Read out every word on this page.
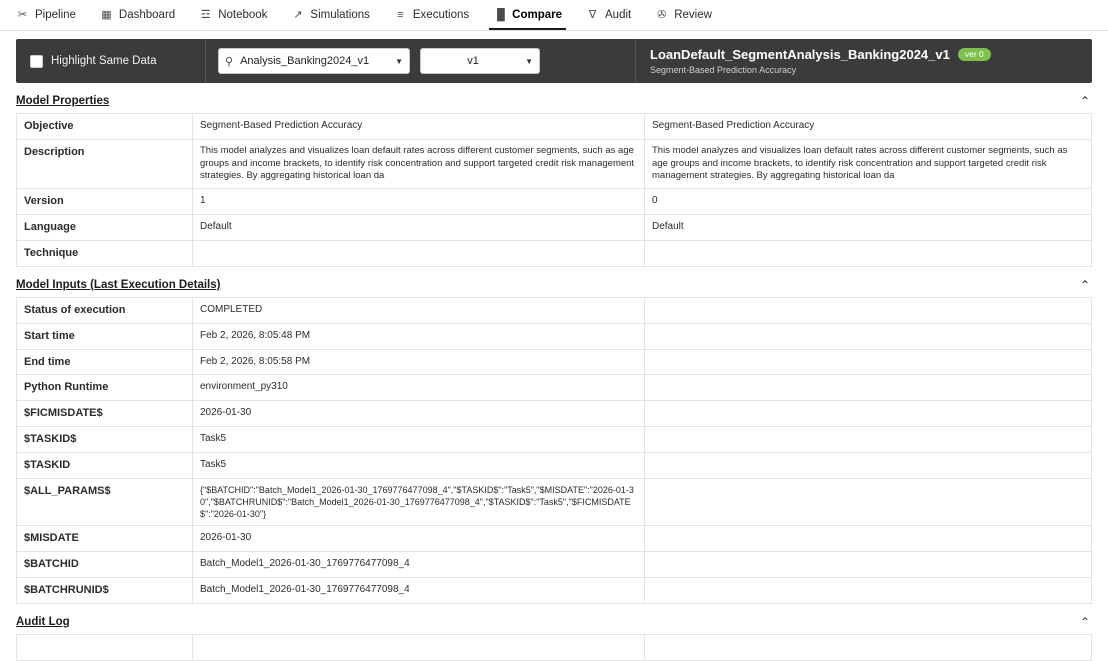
✂ Pipeline ▦ Dashboard ☲ Notebook ↗ Simulations ≡ Executions ▐▌ Compare ∇ Audit ✇ Review
Highlight Same Data	⚲ Analysis_Banking2024_v1	▼	v1	▼	LoanDefault_SegmentAnalysis_Banking2024_v1	ver 0
Segment-Based Prediction Accuracy
Model Properties	⌃
Objective	Segment-Based Prediction Accuracy	Segment-Based Prediction Accuracy
Description	This model analyzes and visualizes loan default rates across different customer segments, such as age groups and income brackets, to identify risk concentration and support targeted credit risk management strategies. By aggregating historical loan da	This model analyzes and visualizes loan default rates across different customer segments, such as age groups and income brackets, to identify risk concentration and support targeted credit risk management strategies. By aggregating historical loan da
Version	1	0
Language	Default	Default
Technique		
Model Inputs (Last Execution Details)	⌃
Status of execution	COMPLETED	
Start time	Feb 2, 2026, 8:05:48 PM	
End time	Feb 2, 2026, 8:05:58 PM	
Python Runtime	environment_py310	
$FICMISDATE$	2026-01-30	
$TASKID$	Task5	
$TASKID	Task5	
$ALL_PARAMS$	{"$BATCHID":"Batch_Model1_2026-01-30_1769776477098_4","$TASKID$":"Task5","$MISDATE":"2026-01-30","$BATCHRUNID$":"Batch_Model1_2026-01-30_1769776477098_4","$TASKID$":"Task5","$FICMISDATE$":"2026-01-30"}	
$MISDATE	2026-01-30	
$BATCHID	Batch_Model1_2026-01-30_1769776477098_4	
$BATCHRUNID$	Batch_Model1_2026-01-30_1769776477098_4	
Audit Log	⌃
